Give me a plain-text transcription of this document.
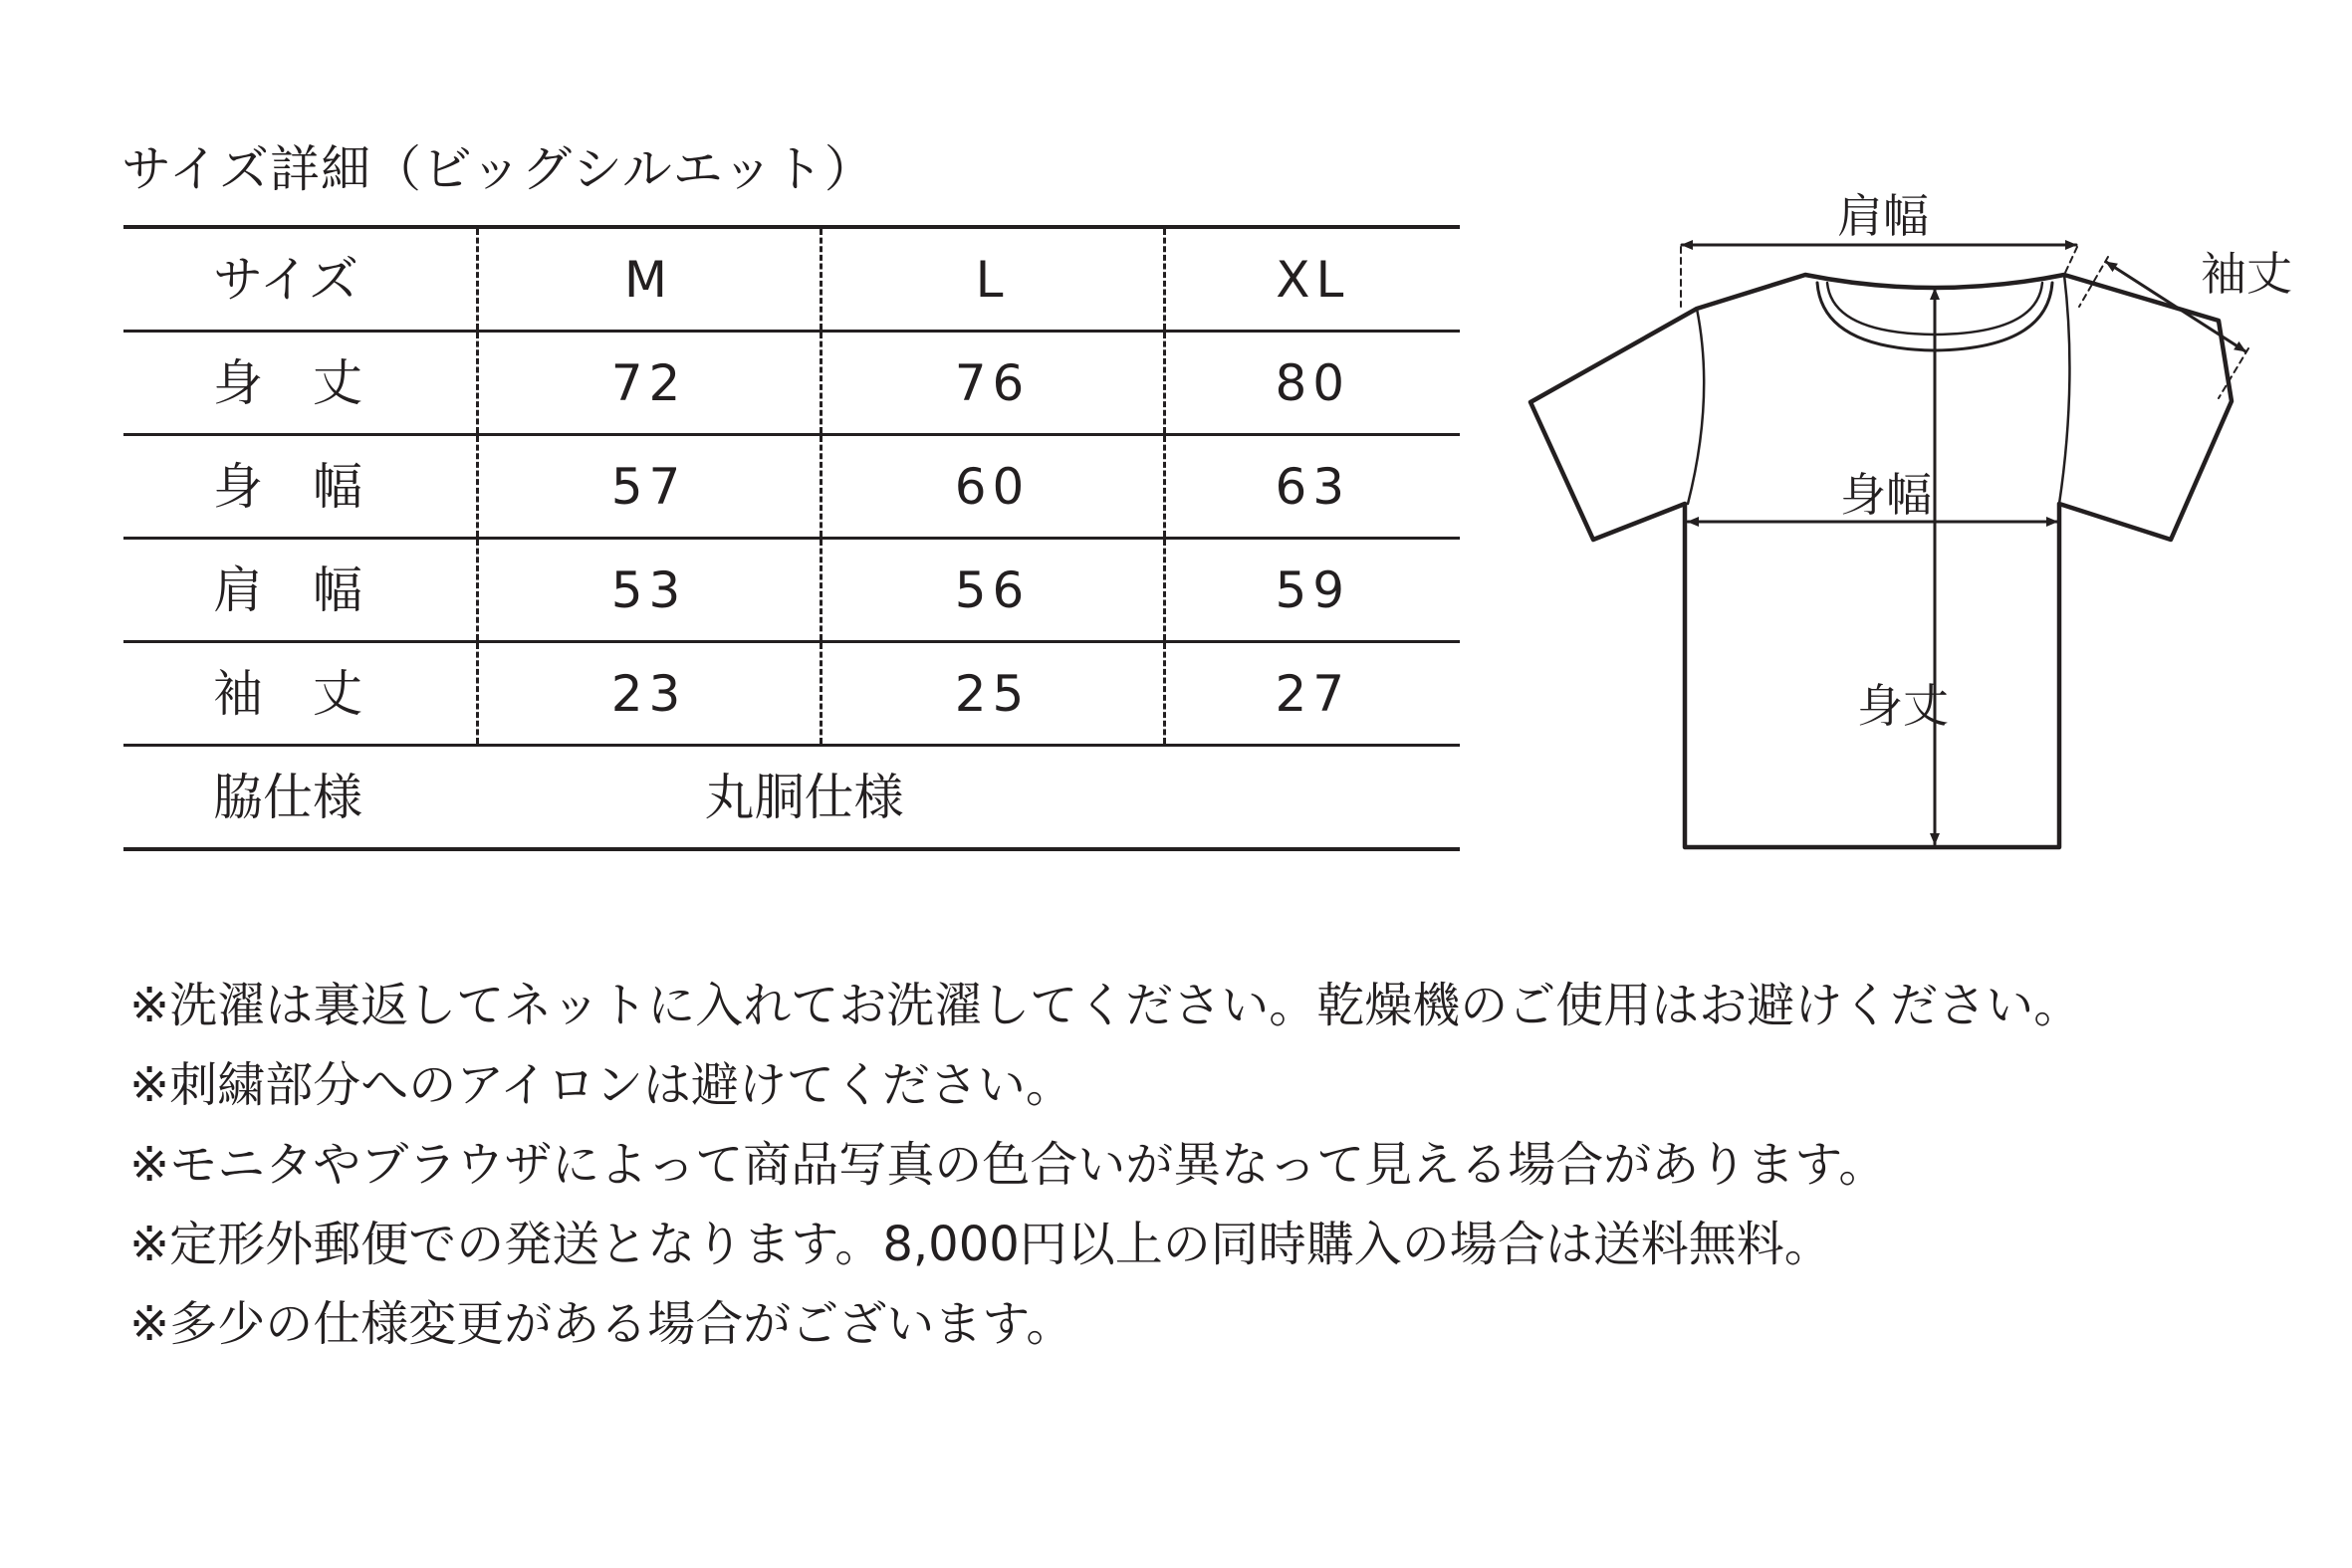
サイズ詳細（ビッグシルエット）
サイズ	M	L	XL
身　丈	72	76	80
身　幅	57	60	63
肩　幅	53	56	59
袖　丈	23	25	27
脇仕様	丸胴仕様		
肩幅
袖丈
身幅
身丈
※洗濯は裏返してネットに入れてお洗濯してください。乾燥機のご使用はお避けください。
※刺繍部分へのアイロンは避けてください。
※モニタやブラウザによって商品写真の色合いが異なって見える場合があります。
※定形外郵便での発送となります。8,000円以上の同時購入の場合は送料無料。
※多少の仕様変更がある場合がございます。
